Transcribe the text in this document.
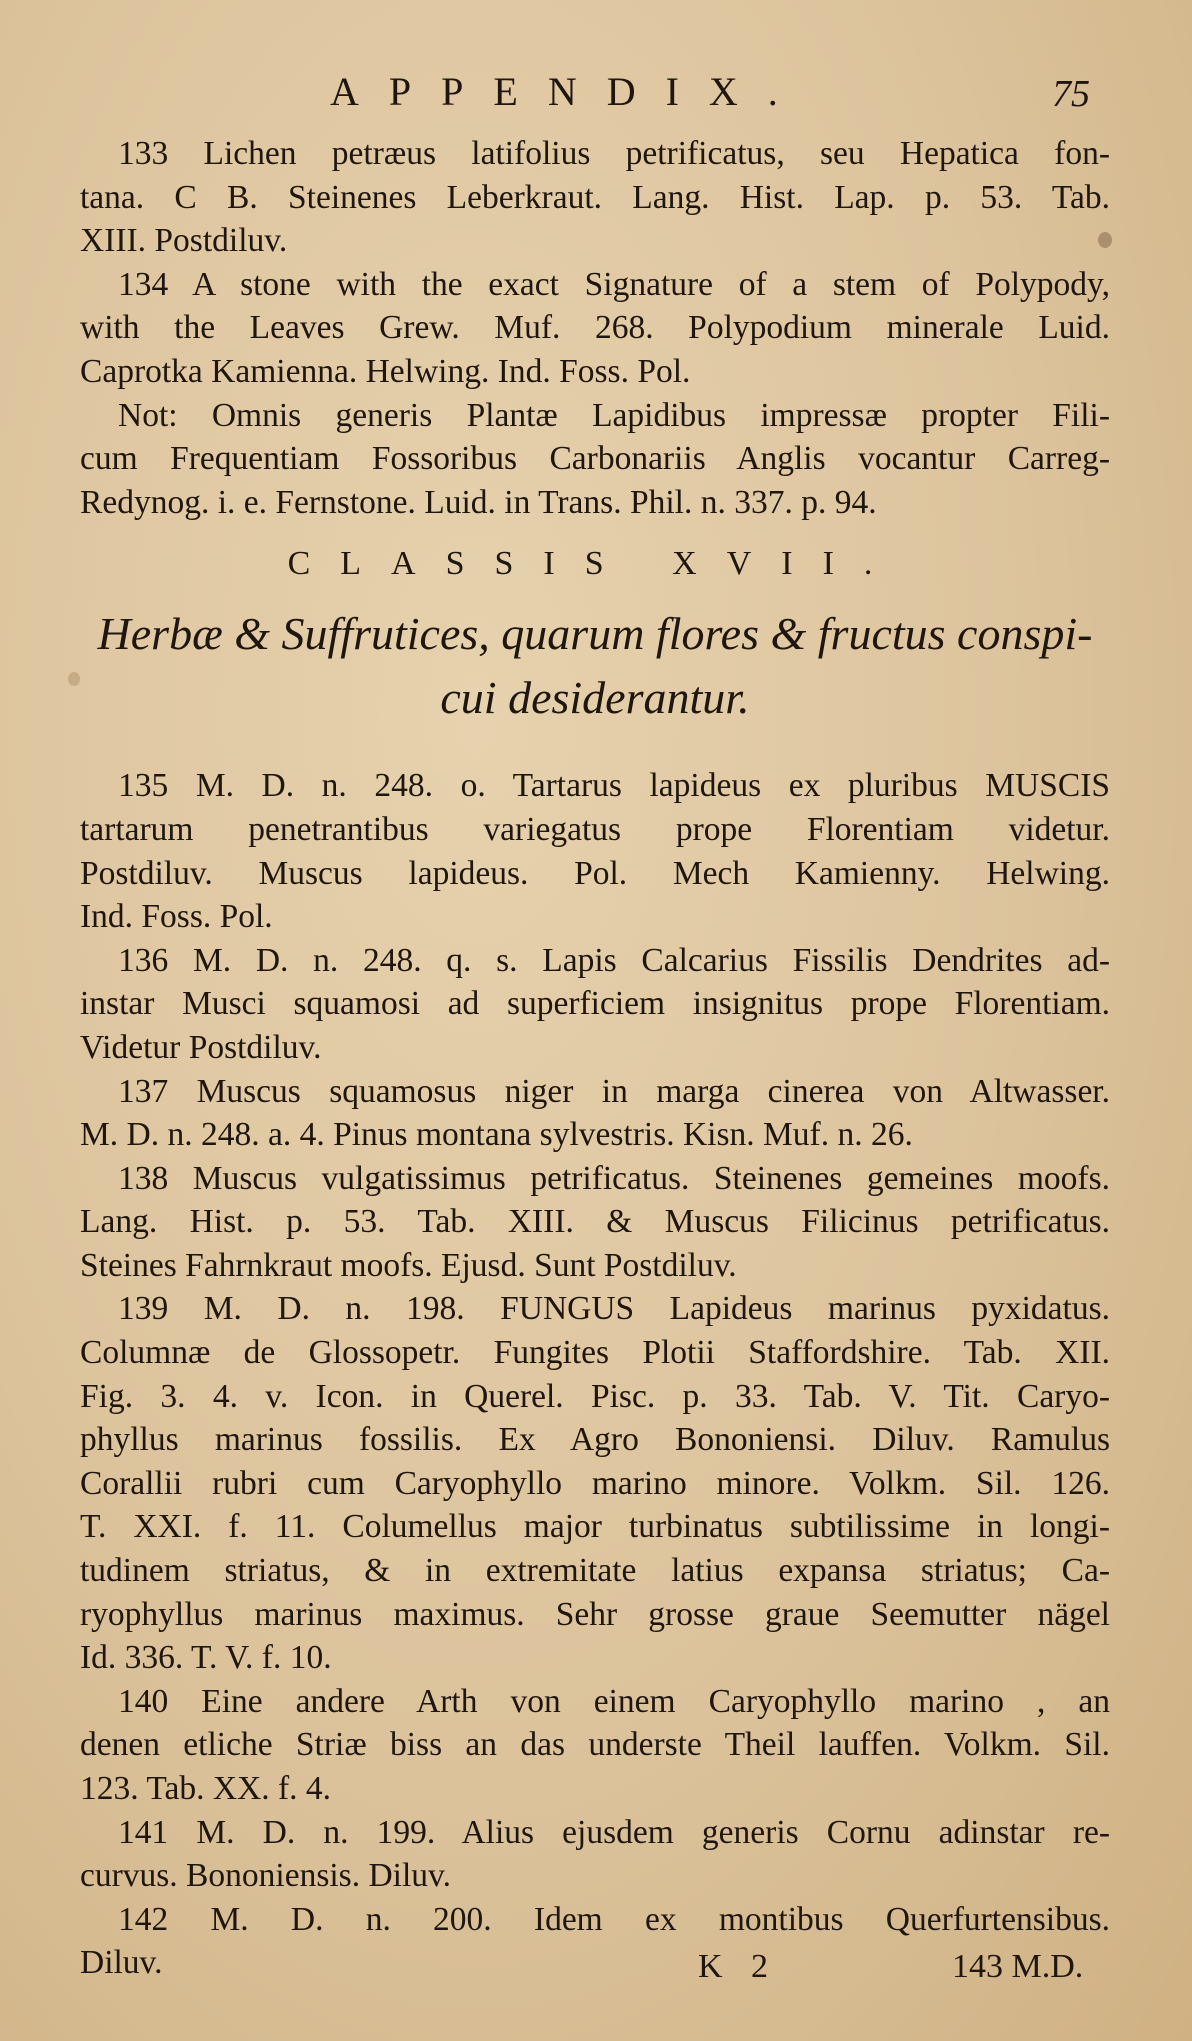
APPENDIX.	75
133 Lichen petræus latifolius petrificatus, seu Hepatica fon-
tana. C B. Steinenes Leberkraut. Lang. Hist. Lap. p. 53. Tab.
XIII. Postdiluv.
134 A stone with the exact Signature of a stem of Polypody,
with the Leaves Grew. Muf. 268. Polypodium minerale Luid.
Caprotka Kamienna. Helwing. Ind. Foss. Pol.
Not: Omnis generis Plantæ Lapidibus impressæ propter Fili-
cum Frequentiam Fossoribus Carbonariis Anglis vocantur Carreg-
Redynog. i. e. Fernstone. Luid. in Trans. Phil. n. 337. p. 94.
CLASSIS XVII.
Herbæ & Suffrutices, quarum flores & fructus conspi-
cui desiderantur.
135 M. D. n. 248. o. Tartarus lapideus ex pluribus MUSCIS
tartarum penetrantibus variegatus prope Florentiam videtur.
Postdiluv. Muscus lapideus. Pol. Mech Kamienny. Helwing.
Ind. Foss. Pol.
136 M. D. n. 248. q. s. Lapis Calcarius Fissilis Dendrites ad-
instar Musci squamosi ad superficiem insignitus prope Florentiam.
Videtur Postdiluv.
137 Muscus squamosus niger in marga cinerea von Altwasser.
M. D. n. 248. a. 4. Pinus montana sylvestris. Kisn. Muf. n. 26.
138 Muscus vulgatissimus petrificatus. Steinenes gemeines moofs.
Lang. Hist. p. 53. Tab. XIII. & Muscus Filicinus petrificatus.
Steines Fahrnkraut moofs. Ejusd. Sunt Postdiluv.
139 M. D. n. 198. FUNGUS Lapideus marinus pyxidatus.
Columnæ de Glossopetr. Fungites Plotii Staffordshire. Tab. XII.
Fig. 3. 4. v. Icon. in Querel. Pisc. p. 33. Tab. V. Tit. Caryo-
phyllus marinus fossilis. Ex Agro Bononiensi. Diluv. Ramulus
Corallii rubri cum Caryophyllo marino minore. Volkm. Sil. 126.
T. XXI. f. 11. Columellus major turbinatus subtilissime in longi-
tudinem striatus, & in extremitate latius expansa striatus; Ca-
ryophyllus marinus maximus. Sehr grosse graue Seemutter nägel
Id. 336. T. V. f. 10.
140 Eine andere Arth von einem Caryophyllo marino , an
denen etliche Striæ biss an das underste Theil lauffen. Volkm. Sil.
123. Tab. XX. f. 4.
141 M. D. n. 199. Alius ejusdem generis Cornu adinstar re-
curvus. Bononiensis. Diluv.
142 M. D. n. 200. Idem ex montibus Querfurtensibus.
Diluv.	K 2	143 M.D.
